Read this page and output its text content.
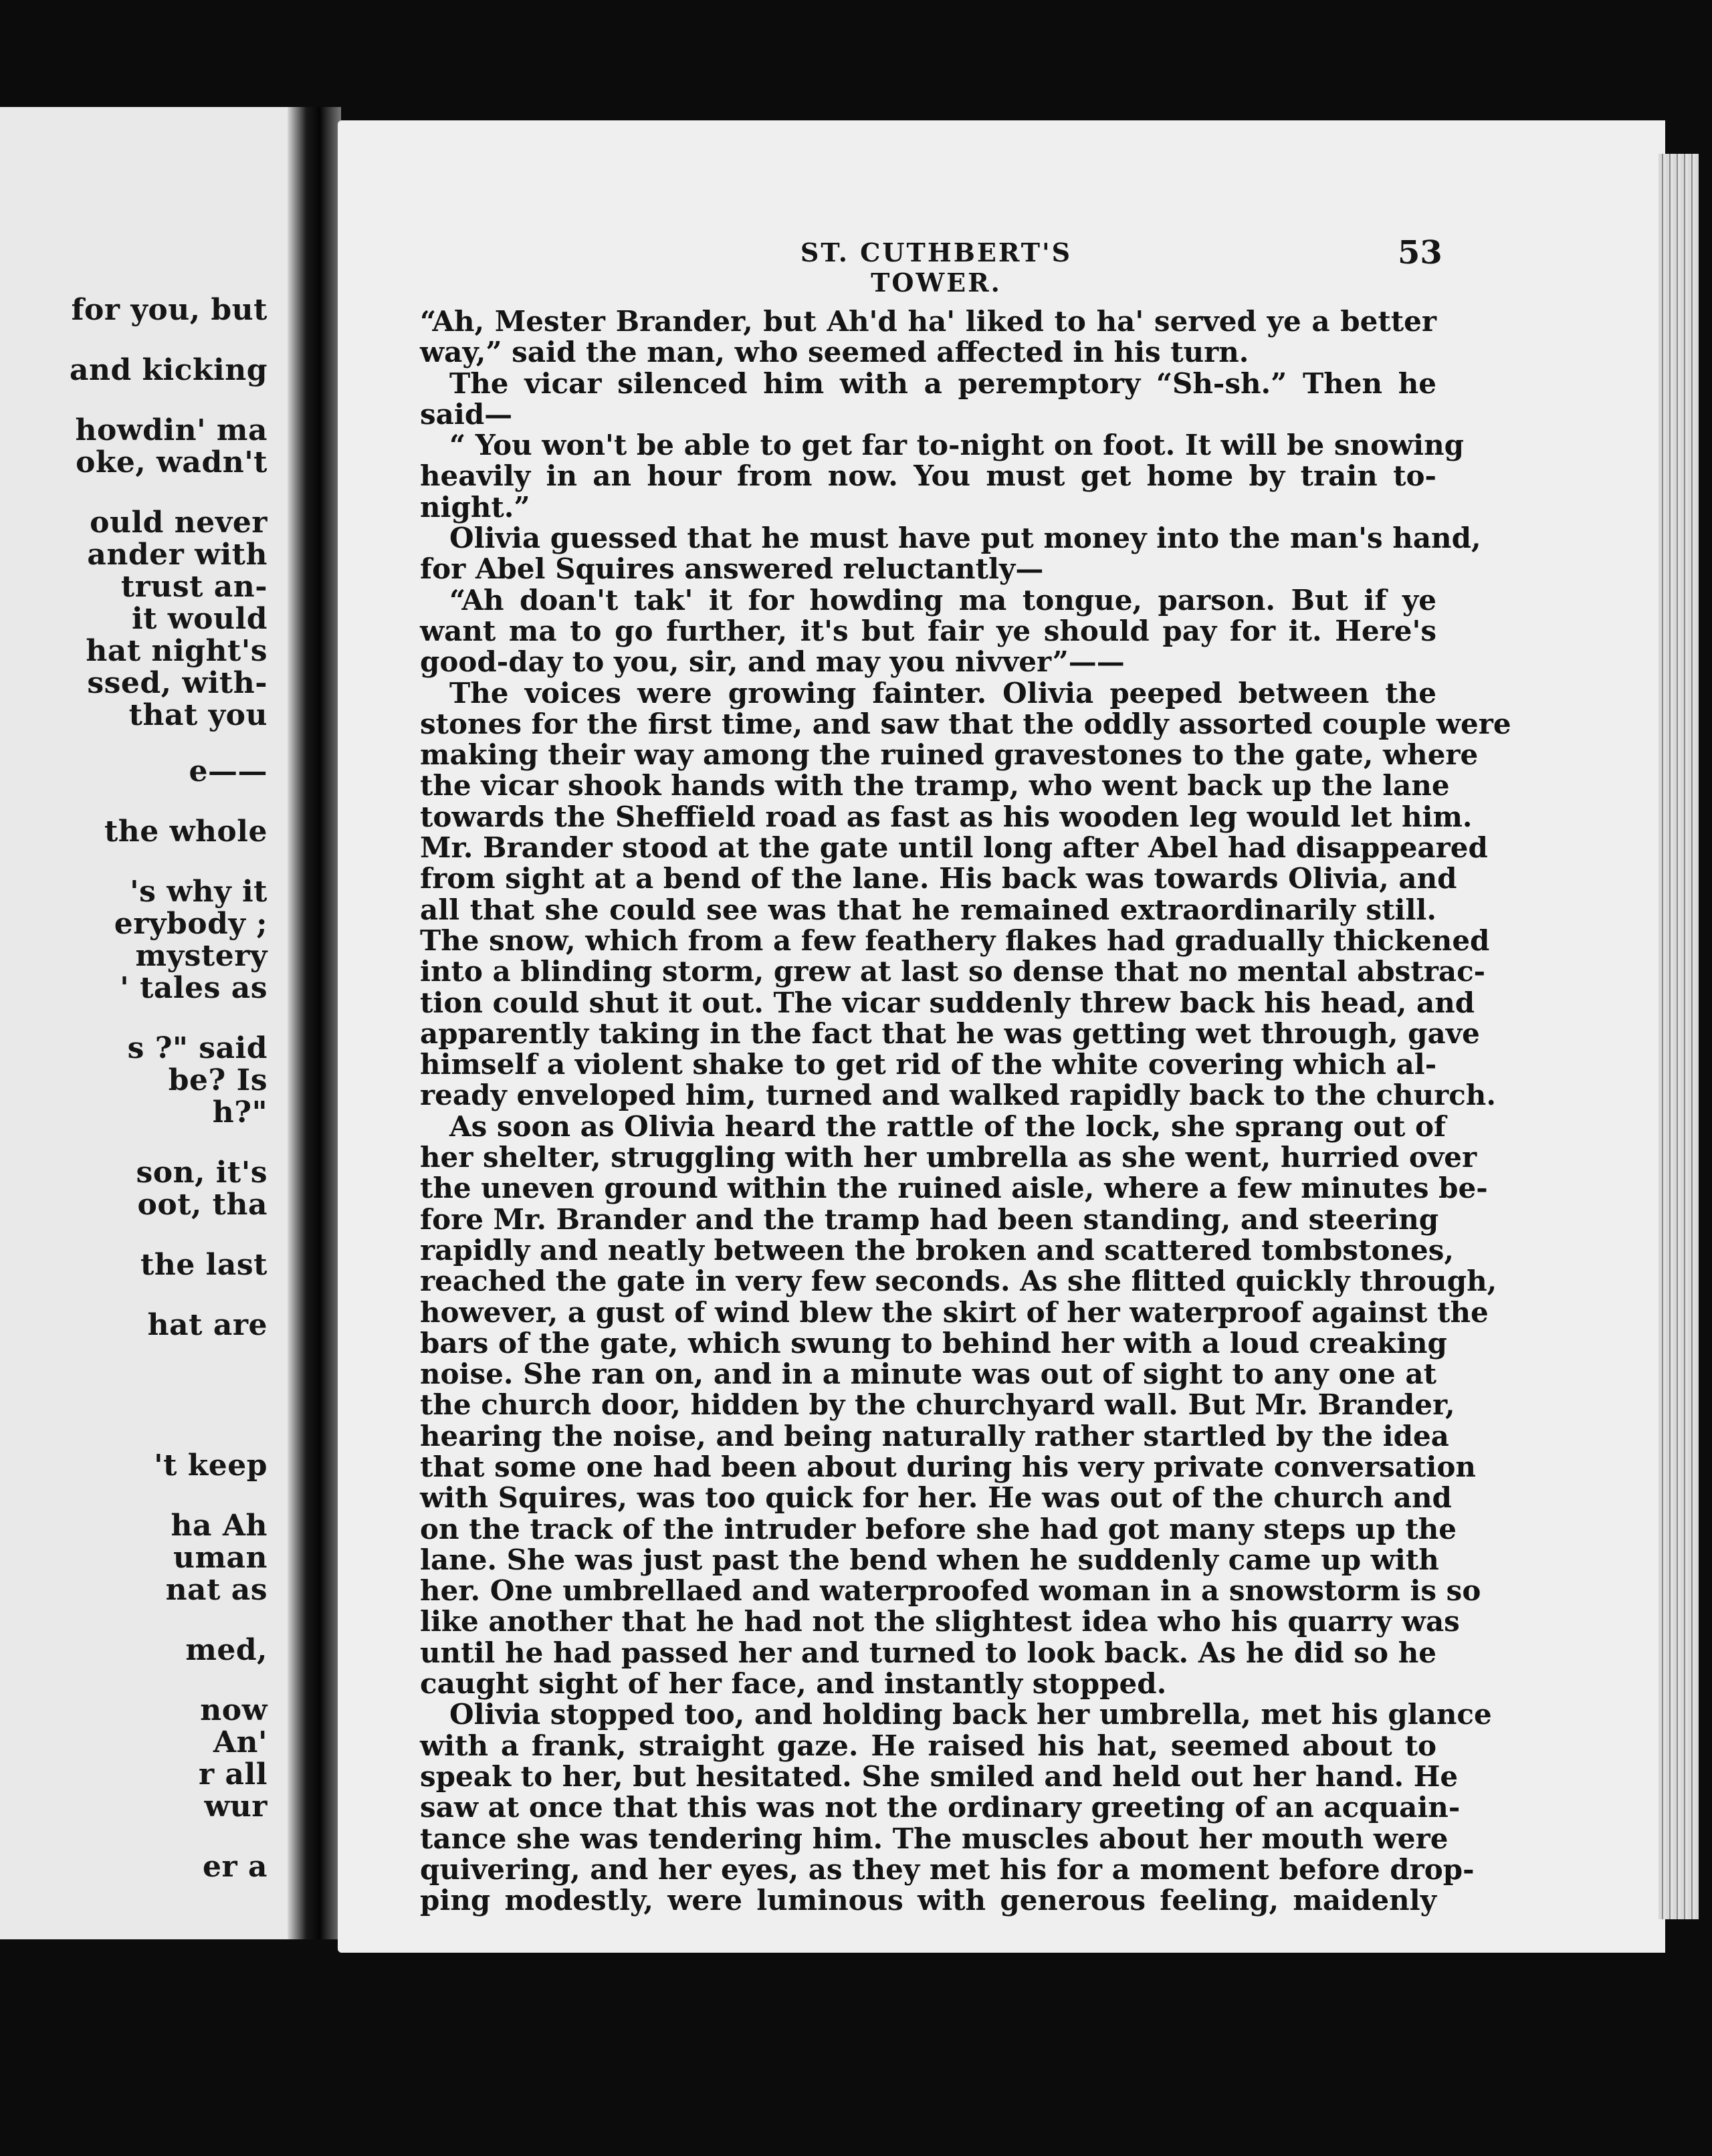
for you, but
and kicking
howdin' ma
oke, wadn't
ould never
ander with
trust an-
it would
hat night's
ssed, with-
that you
e——
the whole
's why it
erybody ;
mystery
' tales as
s ?" said
be? Is
h?"
son, it's
oot, tha
the last
hat are
't keep
ha Ah
uman
nat as
med,
now
An'
r all
wur
er a
ST. CUTHBERT'S TOWER.
53
“Ah, Mester Brander, but Ah'd ha' liked to ha' served ye a better
way,” said the man, who seemed affected in his turn.
The vicar silenced him with a peremptory “Sh-sh.” Then he
said—
“ You won't be able to get far to-night on foot. It will be snowing
heavily in an hour from now. You must get home by train to-
night.”
Olivia guessed that he must have put money into the man's hand,
for Abel Squires answered reluctantly—
“Ah doan't tak' it for howding ma tongue, parson. But if ye
want ma to go further, it's but fair ye should pay for it. Here's
good-day to you, sir, and may you nivver”——
The voices were growing fainter. Olivia peeped between the
stones for the first time, and saw that the oddly assorted couple were
making their way among the ruined gravestones to the gate, where
the vicar shook hands with the tramp, who went back up the lane
towards the Sheffield road as fast as his wooden leg would let him.
Mr. Brander stood at the gate until long after Abel had disappeared
from sight at a bend of the lane. His back was towards Olivia, and
all that she could see was that he remained extraordinarily still.
The snow, which from a few feathery flakes had gradually thickened
into a blinding storm, grew at last so dense that no mental abstrac-
tion could shut it out. The vicar suddenly threw back his head, and
apparently taking in the fact that he was getting wet through, gave
himself a violent shake to get rid of the white covering which al-
ready enveloped him, turned and walked rapidly back to the church.
As soon as Olivia heard the rattle of the lock, she sprang out of
her shelter, struggling with her umbrella as she went, hurried over
the uneven ground within the ruined aisle, where a few minutes be-
fore Mr. Brander and the tramp had been standing, and steering
rapidly and neatly between the broken and scattered tombstones,
reached the gate in very few seconds. As she flitted quickly through,
however, a gust of wind blew the skirt of her waterproof against the
bars of the gate, which swung to behind her with a loud creaking
noise. She ran on, and in a minute was out of sight to any one at
the church door, hidden by the churchyard wall. But Mr. Brander,
hearing the noise, and being naturally rather startled by the idea
that some one had been about during his very private conversation
with Squires, was too quick for her. He was out of the church and
on the track of the intruder before she had got many steps up the
lane. She was just past the bend when he suddenly came up with
her. One umbrellaed and waterproofed woman in a snowstorm is so
like another that he had not the slightest idea who his quarry was
until he had passed her and turned to look back. As he did so he
caught sight of her face, and instantly stopped.
Olivia stopped too, and holding back her umbrella, met his glance
with a frank, straight gaze. He raised his hat, seemed about to
speak to her, but hesitated. She smiled and held out her hand. He
saw at once that this was not the ordinary greeting of an acquain-
tance she was tendering him. The muscles about her mouth were
quivering, and her eyes, as they met his for a moment before drop-
ping modestly, were luminous with generous feeling, maidenly
